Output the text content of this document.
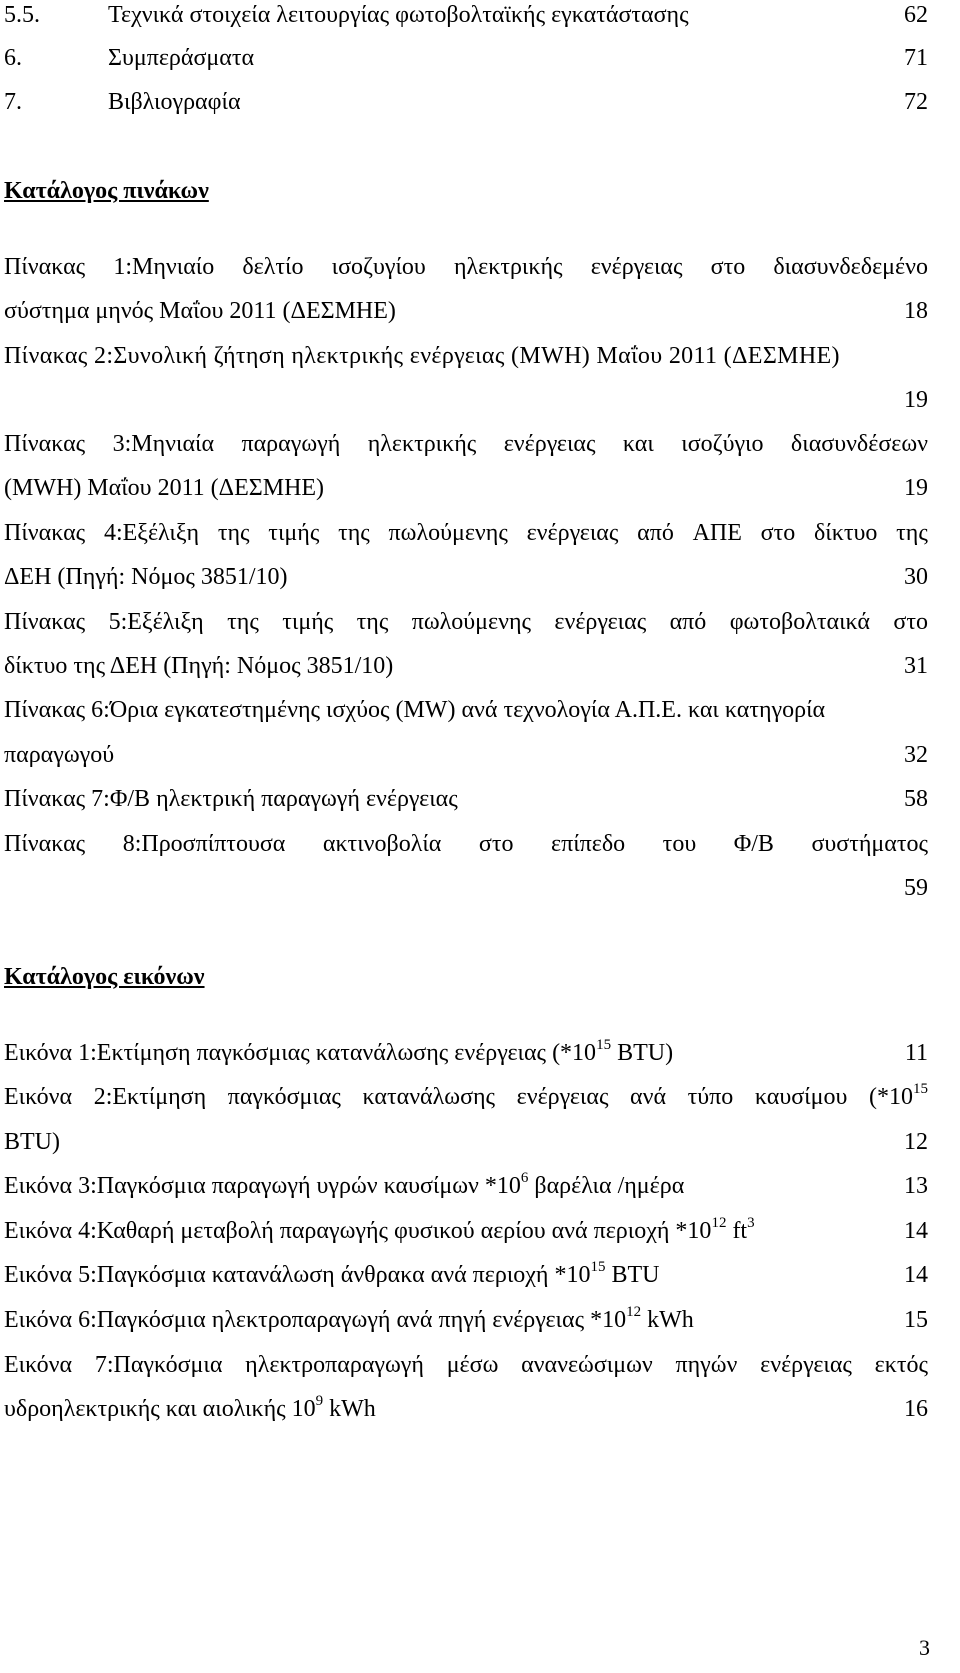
5.5.	Τεχνικά στοιχεία λειτουργίας φωτοβολταϊκής εγκατάστασης	62
6.	Συμπεράσματα	71
7.	Βιβλιογραφία	72
Κατάλογος πινάκων
Πίνακας 1:Μηνιαίο δελτίο ισοζυγίου ηλεκτρικής ενέργειας στο διασυνδεδεμένο
σύστημα μηνός Μαΐου 2011 (ΔΕΣΜΗΕ)	18
Πίνακας 2:Συνολική ζήτηση ηλεκτρικής ενέργειας (MWH) Μαΐου 2011 (ΔΕΣΜΗΕ)
19
Πίνακας 3:Μηνιαία παραγωγή ηλεκτρικής ενέργειας και ισοζύγιο διασυνδέσεων
(MWH) Μαΐου 2011 (ΔΕΣΜΗΕ)	19
Πίνακας 4:Εξέλιξη της τιμής της πωλούμενης ενέργειας από ΑΠΕ στο δίκτυο της
ΔΕΗ (Πηγή: Νόμος 3851/10)	30
Πίνακας 5:Εξέλιξη της τιμής της πωλούμενης ενέργειας από φωτοβολταικά στο
δίκτυο της ΔΕΗ (Πηγή: Νόμος 3851/10)	31
Πίνακας 6:Όρια εγκατεστημένης ισχύος (MW) ανά τεχνολογία Α.Π.Ε. και κατηγορία
παραγωγού	32
Πίνακας 7:Φ/Β ηλεκτρική παραγωγή ενέργειας	58
Πίνακας 8:Προσπίπτουσα ακτινοβολία στο επίπεδο του Φ/Β συστήματος
59
Κατάλογος εικόνων
Εικόνα 1:Εκτίμηση παγκόσμιας κατανάλωσης ενέργειας ($*10^{15}$ BTU)	11
Εικόνα 2:Εκτίμηση παγκόσμιας κατανάλωσης ενέργειας ανά τύπο καυσίμου ($*10^{15}$
BTU)	12
Εικόνα 3:Παγκόσμια παραγωγή υγρών καυσίμων $*10^6$ βαρέλια /ημέρα	13
Εικόνα 4:Καθαρή μεταβολή παραγωγής φυσικού αερίου ανά περιοχή $*10^{12}$ $ft^3$	14
Εικόνα 5:Παγκόσμια κατανάλωση άνθρακα ανά περιοχή $*10^{15}$ BTU	14
Εικόνα 6:Παγκόσμια ηλεκτροπαραγωγή ανά πηγή ενέργειας $*10^{12}$ kWh	15
Εικόνα 7:Παγκόσμια ηλεκτροπαραγωγή μέσω ανανεώσιμων πηγών ενέργειας εκτός
υδροηλεκτρικής και αιολικής $10^9$ kWh	16
3
